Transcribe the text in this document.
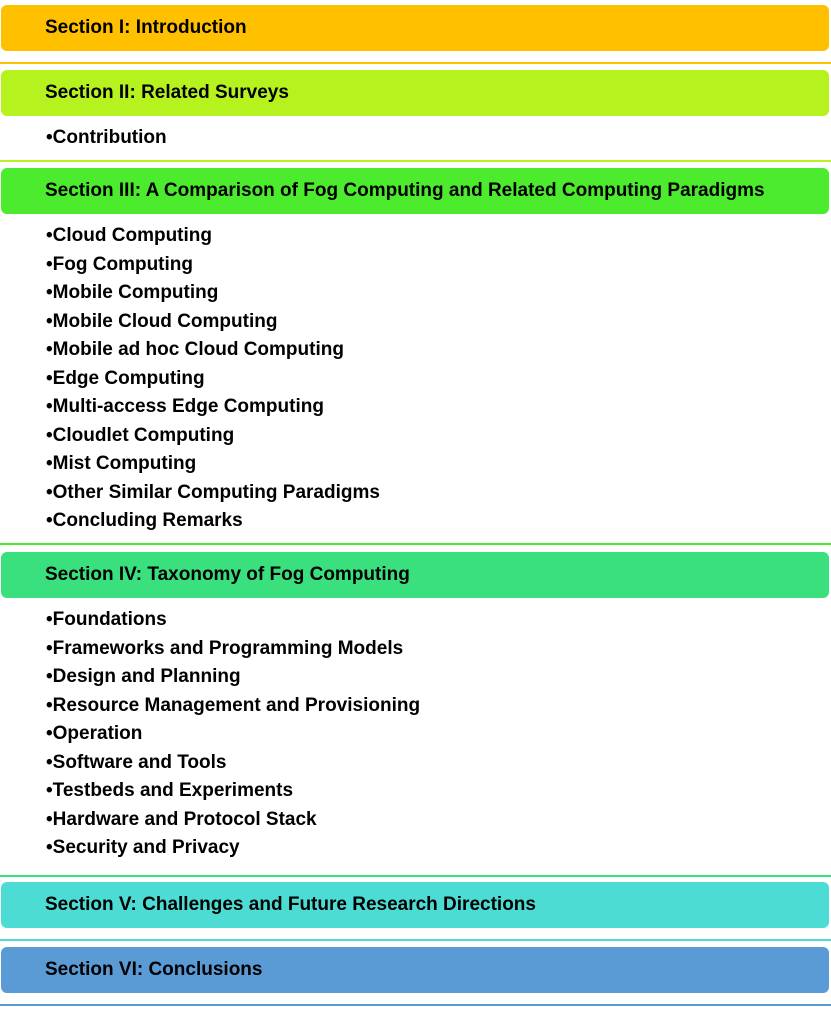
Section I: Introduction
Section II: Related Surveys
•Contribution
Section III: A Comparison of Fog Computing and Related Computing Paradigms
•Cloud Computing
•Fog Computing
•Mobile Computing
•Mobile Cloud Computing
•Mobile ad hoc Cloud Computing
•Edge Computing
•Multi-access Edge Computing
•Cloudlet Computing
•Mist Computing
•Other Similar Computing Paradigms
•Concluding Remarks
Section IV: Taxonomy of Fog Computing
•Foundations
•Frameworks and Programming Models
•Design and Planning
•Resource Management and Provisioning
•Operation
•Software and Tools
•Testbeds and Experiments
•Hardware and Protocol Stack
•Security and Privacy
Section V: Challenges and Future Research Directions
Section VI: Conclusions
